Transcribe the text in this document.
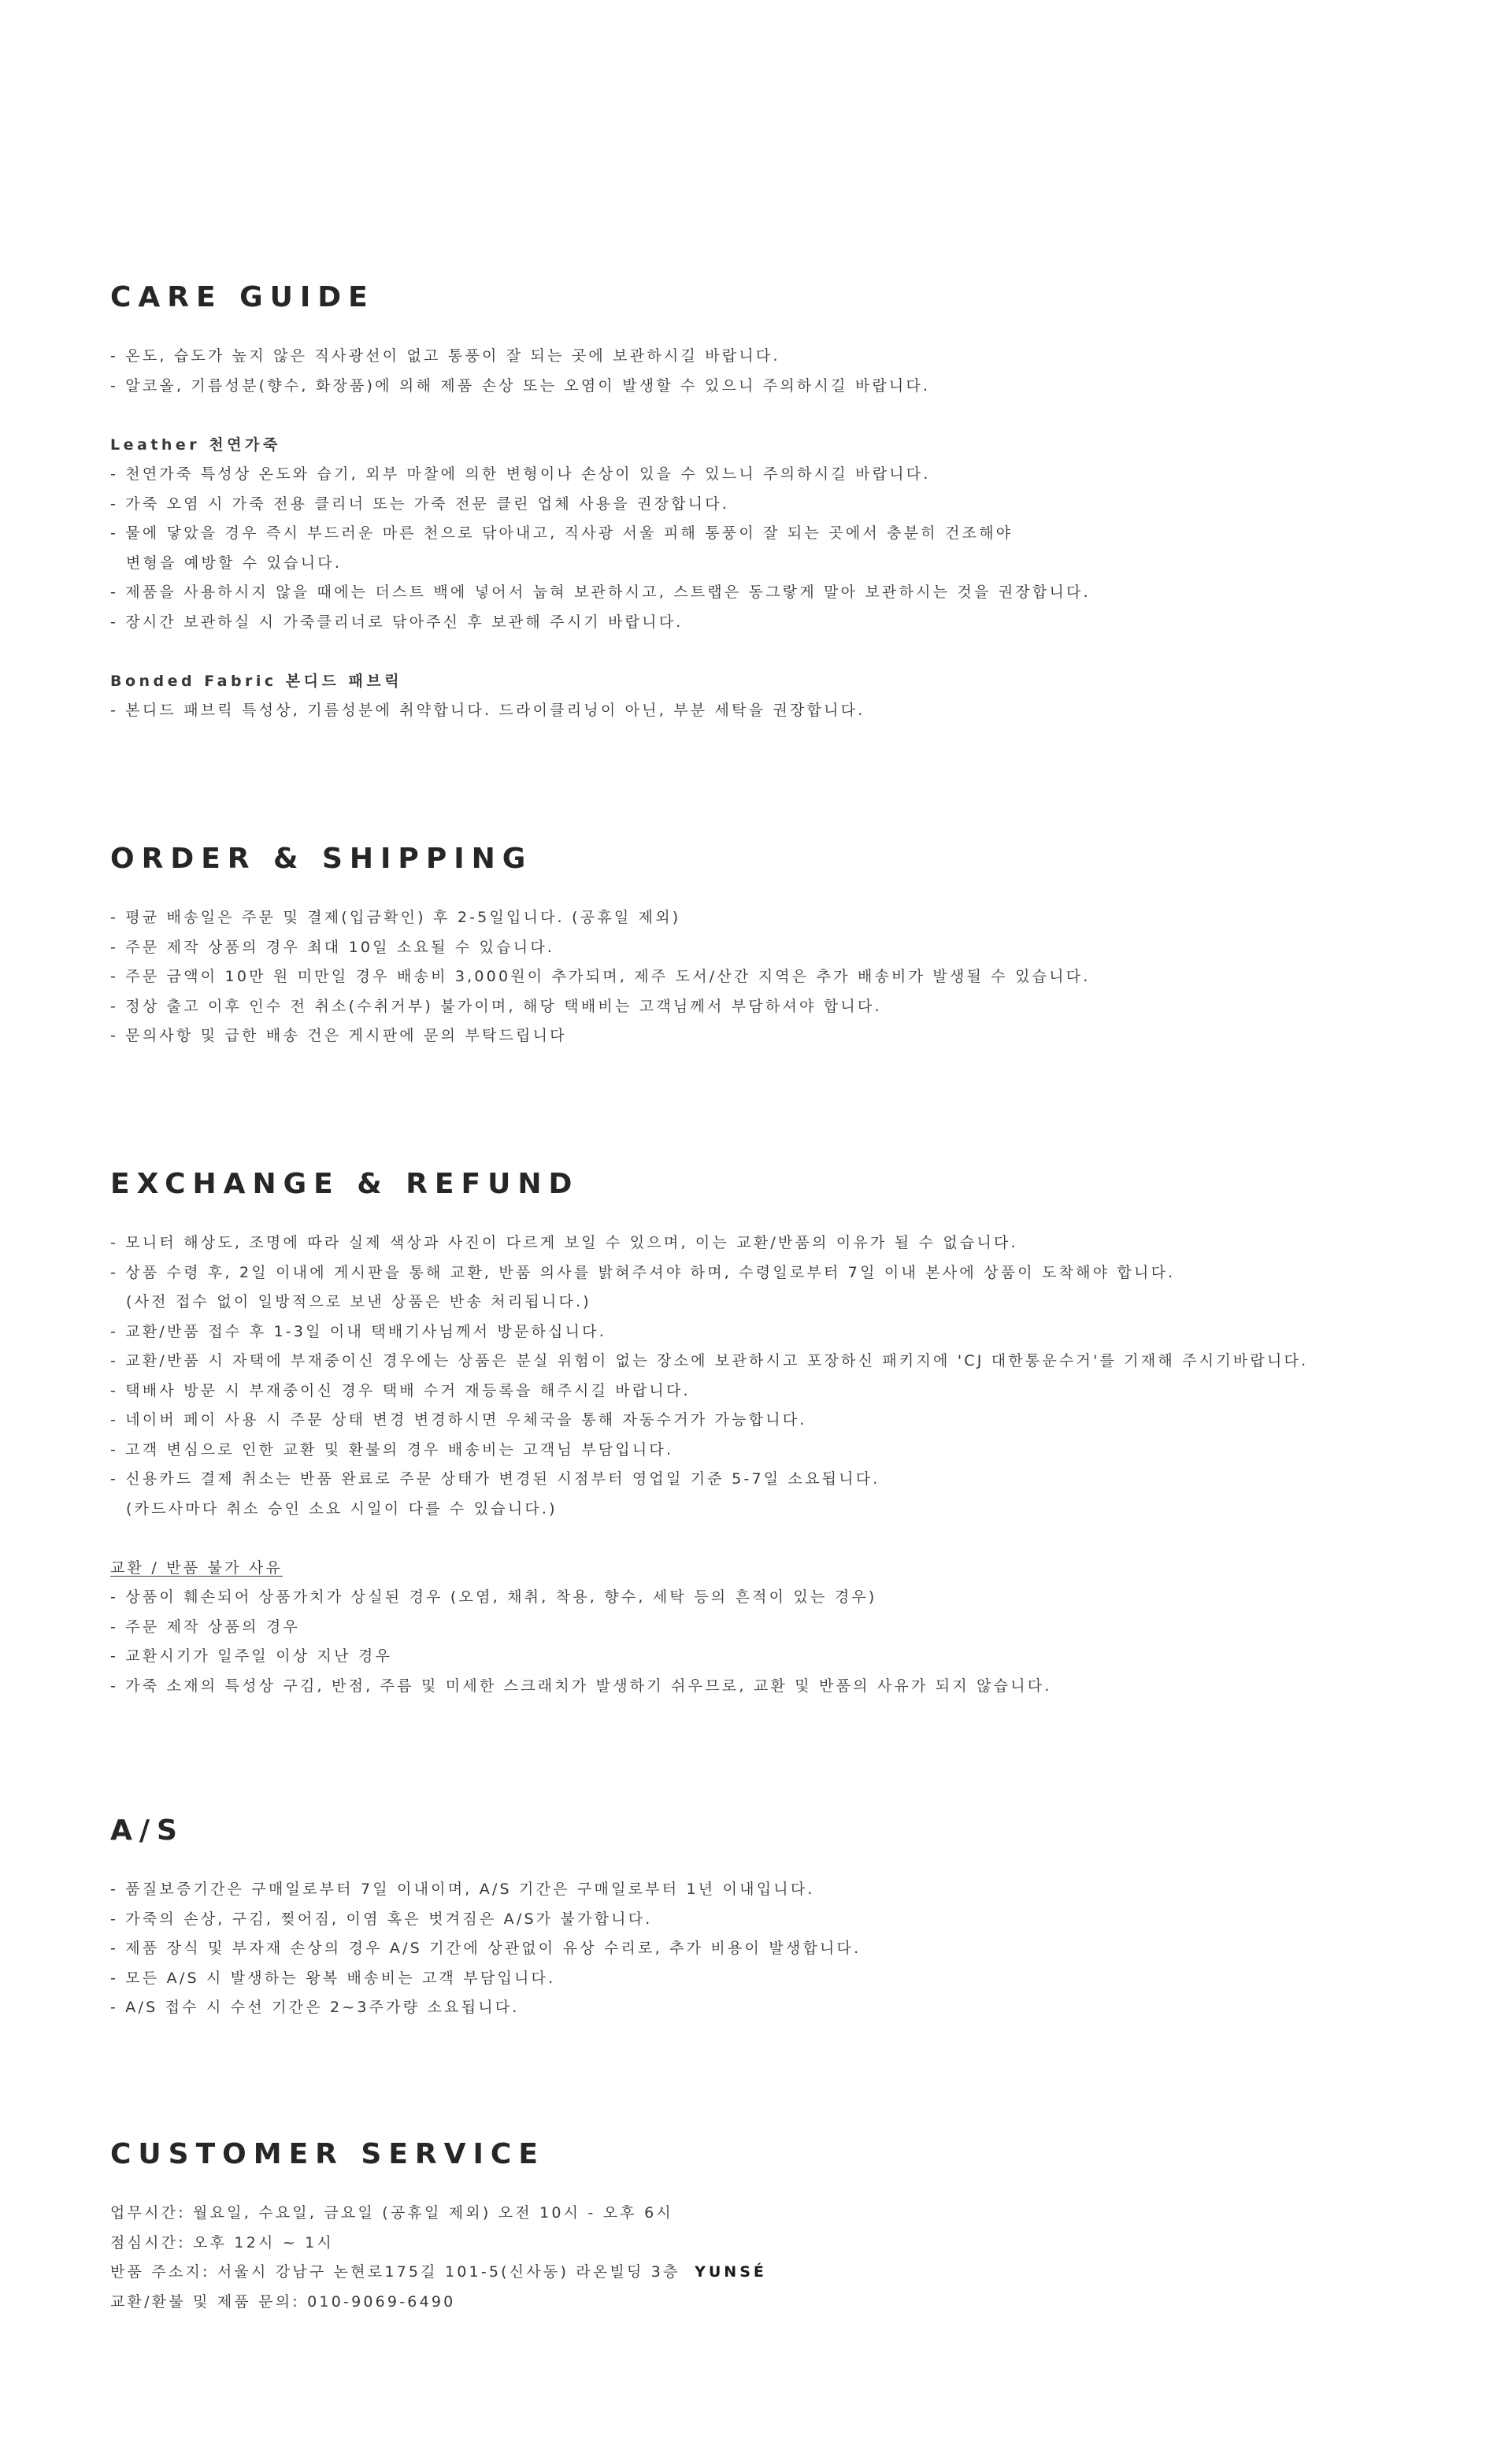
CARE GUIDE
- 온도, 습도가 높지 않은 직사광선이 없고 통풍이 잘 되는 곳에 보관하시길 바랍니다.
- 알코올, 기름성분(향수, 화장품)에 의해 제품 손상 또는 오염이 발생할 수 있으니 주의하시길 바랍니다.
Leather 천연가죽
- 천연가죽 특성상 온도와 습기, 외부 마찰에 의한 변형이나 손상이 있을 수 있느니 주의하시길 바랍니다.
- 가죽 오염 시 가죽 전용 클리너 또는 가죽 전문 클린 업체 사용을 권장합니다.
- 물에 닿았을 경우 즉시 부드러운 마른 천으로 닦아내고, 직사광 서울 피해 통풍이 잘 되는 곳에서 충분히 건조해야
변형을 예방할 수 있습니다.
- 제품을 사용하시지 않을 때에는 더스트 백에 넣어서 눕혀 보관하시고, 스트랩은 동그랗게 말아 보관하시는 것을 권장합니다.
- 장시간 보관하실 시 가죽클리너로 닦아주신 후 보관해 주시기 바랍니다.
Bonded Fabric 본디드 패브릭
- 본디드 패브릭 특성상, 기름성분에 취약합니다. 드라이클리닝이 아닌, 부분 세탁을 권장합니다.
ORDER & SHIPPING
- 평균 배송일은 주문 및 결제(입금확인) 후 2-5일입니다. (공휴일 제외)
- 주문 제작 상품의 경우 최대 10일 소요될 수 있습니다.
- 주문 금액이 10만 원 미만일 경우 배송비 3,000원이 추가되며, 제주 도서/산간 지역은 추가 배송비가 발생될 수 있습니다.
- 정상 출고 이후 인수 전 취소(수취거부) 불가이며, 해당 택배비는 고객님께서 부담하셔야 합니다.
- 문의사항 및 급한 배송 건은 게시판에 문의 부탁드립니다
EXCHANGE & REFUND
- 모니터 해상도, 조명에 따라 실제 색상과 사진이 다르게 보일 수 있으며, 이는 교환/반품의 이유가 될 수 없습니다.
- 상품 수령 후, 2일 이내에 게시판을 통해 교환, 반품 의사를 밝혀주셔야 하며, 수령일로부터 7일 이내 본사에 상품이 도착해야 합니다.
(사전 접수 없이 일방적으로 보낸 상품은 반송 처리됩니다.)
- 교환/반품 접수 후 1-3일 이내 택배기사님께서 방문하십니다.
- 교환/반품 시 자택에 부재중이신 경우에는 상품은 분실 위험이 없는 장소에 보관하시고 포장하신 패키지에 'CJ 대한통운수거'를 기재해 주시기바랍니다.
- 택배사 방문 시 부재중이신 경우 택배 수거 재등록을 해주시길 바랍니다.
- 네이버 페이 사용 시 주문 상태 변경 변경하시면 우체국을 통해 자동수거가 가능합니다.
- 고객 변심으로 인한 교환 및 환불의 경우 배송비는 고객님 부담입니다.
- 신용카드 결제 취소는 반품 완료로 주문 상태가 변경된 시점부터 영업일 기준 5-7일 소요됩니다.
(카드사마다 취소 승인 소요 시일이 다를 수 있습니다.)
교환 / 반품 불가 사유
- 상품이 훼손되어 상품가치가 상실된 경우 (오염, 채취, 착용, 향수, 세탁 등의 흔적이 있는 경우)
- 주문 제작 상품의 경우
- 교환시기가 일주일 이상 지난 경우
- 가죽 소재의 특성상 구김, 반점, 주름 및 미세한 스크래치가 발생하기 쉬우므로, 교환 및 반품의 사유가 되지 않습니다.
A/S
- 품질보증기간은 구매일로부터 7일 이내이며, A/S 기간은 구매일로부터 1년 이내입니다.
- 가죽의 손상, 구김, 찢어짐, 이염 혹은 벗겨짐은 A/S가 불가합니다.
- 제품 장식 및 부자재 손상의 경우 A/S 기간에 상관없이 유상 수리로, 추가 비용이 발생합니다.
- 모든 A/S 시 발생하는 왕복 배송비는 고객 부담입니다.
- A/S 접수 시 수선 기간은 2~3주가량 소요됩니다.
CUSTOMER SERVICE
업무시간: 월요일, 수요일, 금요일 (공휴일 제외) 오전 10시 - 오후 6시
점심시간: 오후 12시 ~ 1시
반품 주소지: 서울시 강남구 논현로175길 101-5(신사동) 라온빌딩 3층 YUNSÉ
교환/환불 및 제품 문의: 010-9069-6490
